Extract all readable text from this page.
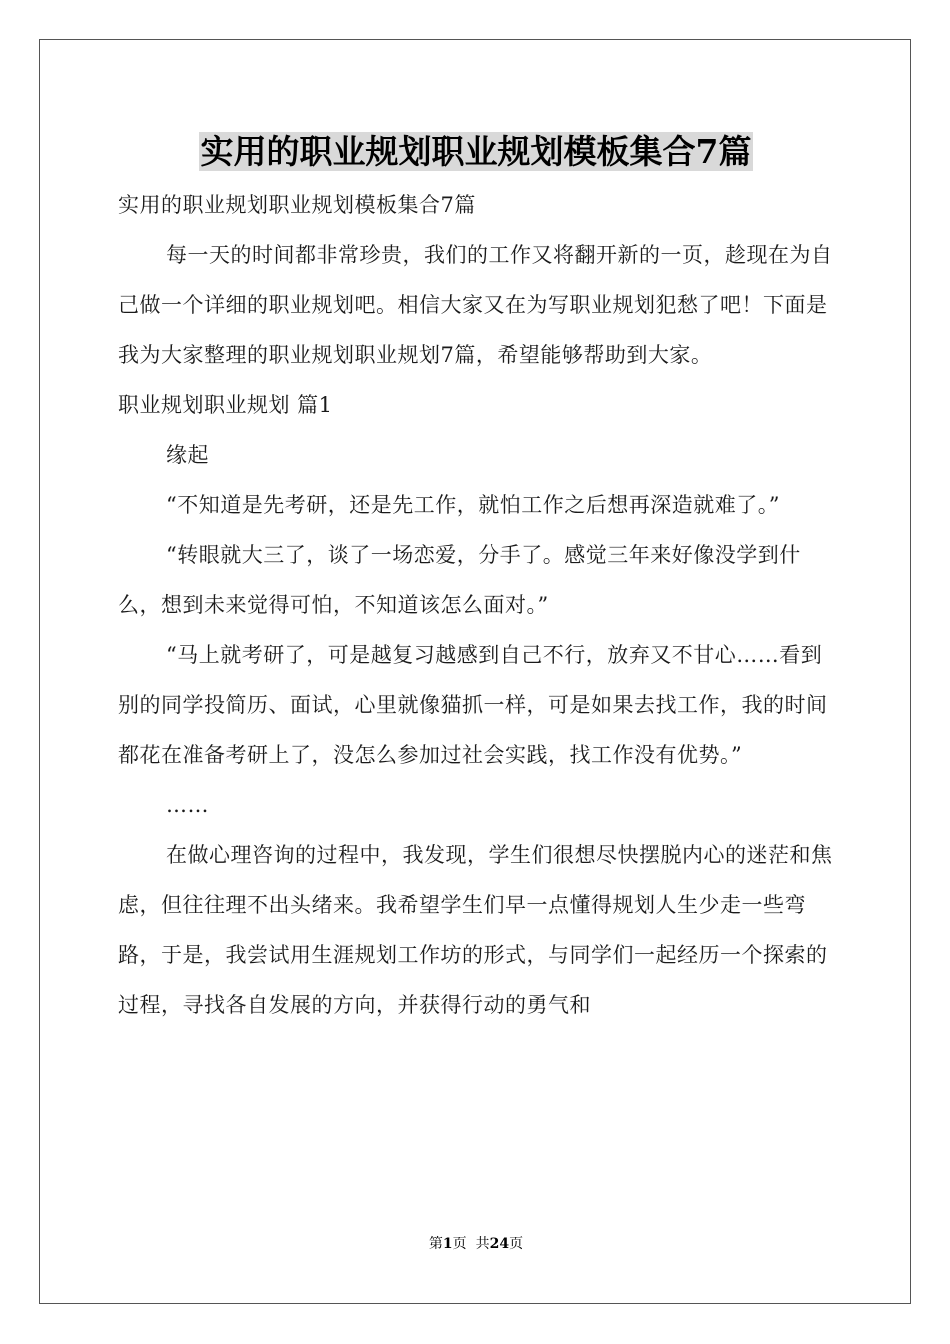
实用的职业规划职业规划模板集合7篇

实用的职业规划职业规划模板集合7篇

每一天的时间都非常珍贵，我们的工作又将翻开新的一页，趁现在为自己做一个详细的职业规划吧。相信大家又在为写职业规划犯愁了吧！下面是我为大家整理的职业规划职业规划7篇，希望能够帮助到大家。

职业规划职业规划 篇1

缘起

“不知道是先考研，还是先工作，就怕工作之后想再深造就难了。”

“转眼就大三了，谈了一场恋爱，分手了。感觉三年来好像没学到什么，想到未来觉得可怕，不知道该怎么面对。”

“马上就考研了，可是越复习越感到自己不行，放弃又不甘心……看到别的同学投简历、面试，心里就像猫抓一样，可是如果去找工作，我的时间都花在准备考研上了，没怎么参加过社会实践，找工作没有优势。”

……

在做心理咨询的过程中，我发现，学生们很想尽快摆脱内心的迷茫和焦虑，但往往理不出头绪来。我希望学生们早一点懂得规划人生少走一些弯路，于是，我尝试用生涯规划工作坊的形式，与同学们一起经历一个探索的过程，寻找各自发展的方向，并获得行动的勇气和

第1页  共24页
